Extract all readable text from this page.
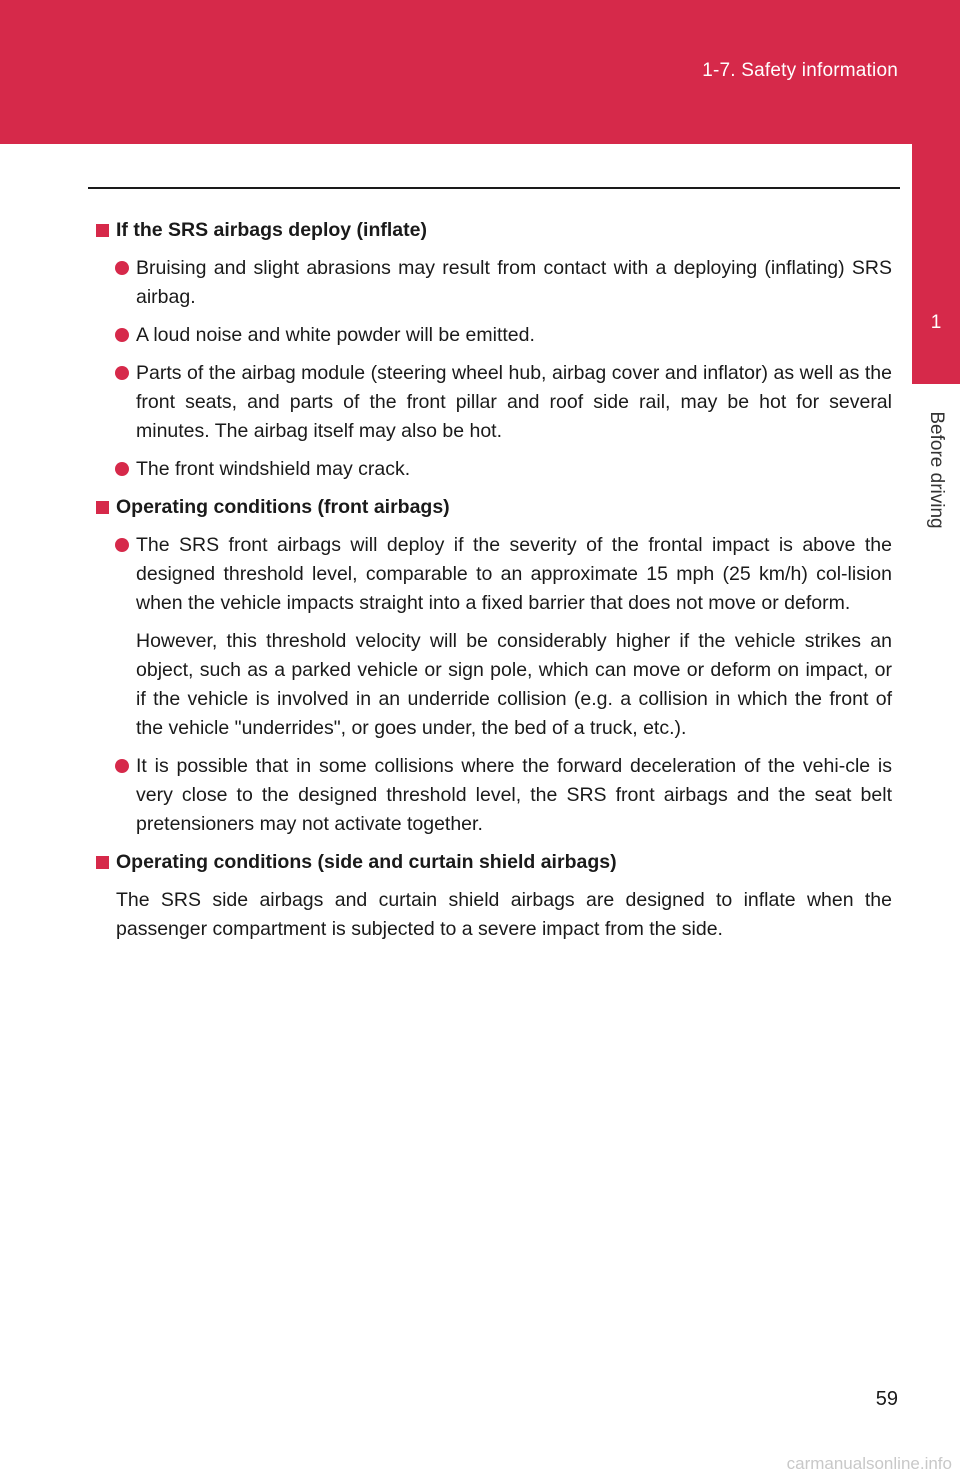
1-7. Safety information
1
Before driving
If the SRS airbags deploy (inflate)
Bruising and slight abrasions may result from contact with a deploying (inflating) SRS airbag.
A loud noise and white powder will be emitted.
Parts of the airbag module (steering wheel hub, airbag cover and inflator) as well as the front seats, and parts of the front pillar and roof side rail, may be hot for several minutes. The airbag itself may also be hot.
The front windshield may crack.
Operating conditions (front airbags)
The SRS front airbags will deploy if the severity of the frontal impact is above the designed threshold level, comparable to an approximate 15 mph (25 km/h) col-lision when the vehicle impacts straight into a fixed barrier that does not move or deform.
However, this threshold velocity will be considerably higher if the vehicle strikes an object, such as a parked vehicle or sign pole, which can move or deform on impact, or if the vehicle is involved in an underride collision (e.g. a collision in which the front of the vehicle "underrides", or goes under, the bed of a truck, etc.).
It is possible that in some collisions where the forward deceleration of the vehi-cle is very close to the designed threshold level, the SRS front airbags and the seat belt pretensioners may not activate together.
Operating conditions (side and curtain shield airbags)
The SRS side airbags and curtain shield airbags are designed to inflate when the passenger compartment is subjected to a severe impact from the side.
59
carmanualsonline.info
